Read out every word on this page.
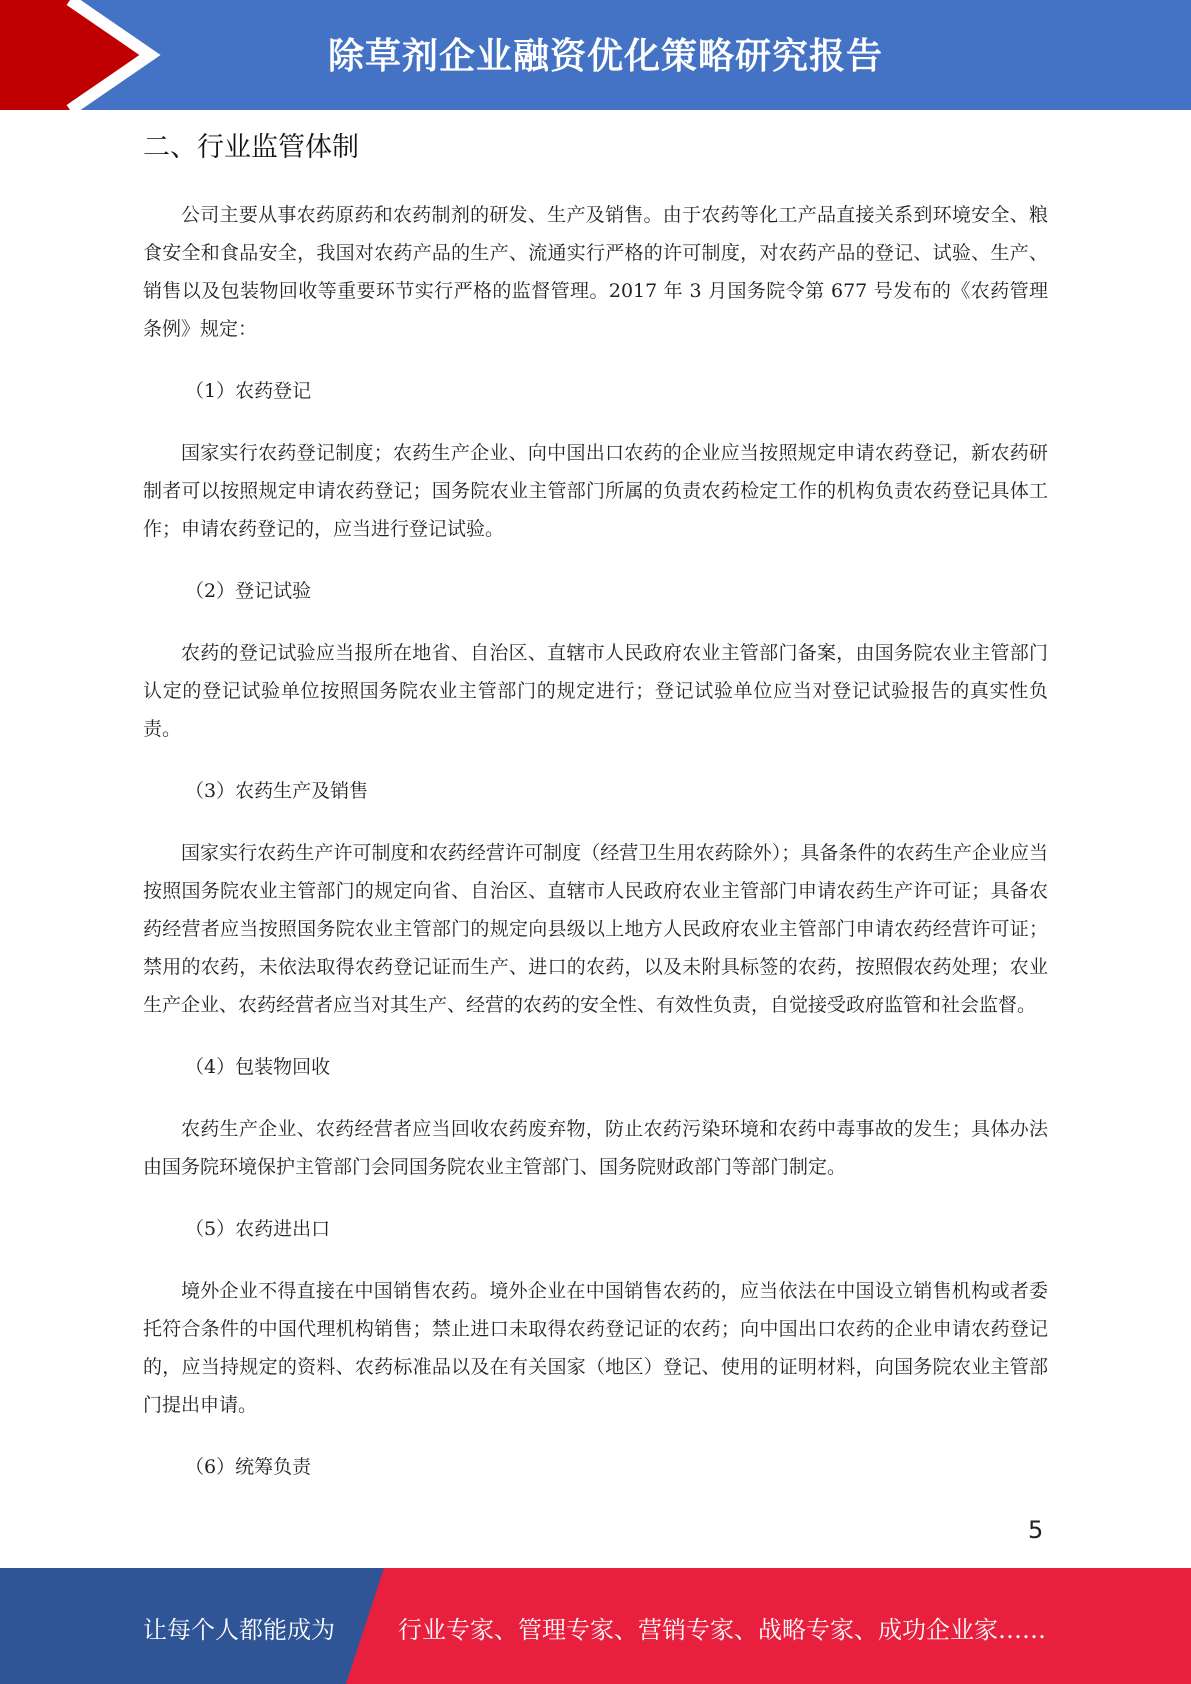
除草剂企业融资优化策略研究报告
二、行业监管体制

公司主要从事农药原药和农药制剂的研发、生产及销售。由于农药等化工产品直接关系到环境安全、粮食安全和食品安全，我国对农药产品的生产、流通实行严格的许可制度，对农药产品的登记、试验、生产、销售以及包装物回收等重要环节实行严格的监督管理。2017 年 3 月国务院令第 677 号发布的《农药管理条例》规定：

（1）农药登记

国家实行农药登记制度；农药生产企业、向中国出口农药的企业应当按照规定申请农药登记，新农药研制者可以按照规定申请农药登记；国务院农业主管部门所属的负责农药检定工作的机构负责农药登记具体工作；申请农药登记的，应当进行登记试验。

（2）登记试验

农药的登记试验应当报所在地省、自治区、直辖市人民政府农业主管部门备案，由国务院农业主管部门认定的登记试验单位按照国务院农业主管部门的规定进行；登记试验单位应当对登记试验报告的真实性负责。

（3）农药生产及销售

国家实行农药生产许可制度和农药经营许可制度（经营卫生用农药除外）；具备条件的农药生产企业应当按照国务院农业主管部门的规定向省、自治区、直辖市人民政府农业主管部门申请农药生产许可证；具备农药经营者应当按照国务院农业主管部门的规定向县级以上地方人民政府农业主管部门申请农药经营许可证；禁用的农药，未依法取得农药登记证而生产、进口的农药，以及未附具标签的农药，按照假农药处理；农业生产企业、农药经营者应当对其生产、经营的农药的安全性、有效性负责，自觉接受政府监管和社会监督。

（4）包装物回收

农药生产企业、农药经营者应当回收农药废弃物，防止农药污染环境和农药中毒事故的发生；具体办法由国务院环境保护主管部门会同国务院农业主管部门、国务院财政部门等部门制定。

（5）农药进出口

境外企业不得直接在中国销售农药。境外企业在中国销售农药的，应当依法在中国设立销售机构或者委托符合条件的中国代理机构销售；禁止进口未取得农药登记证的农药；向中国出口农药的企业申请农药登记的，应当持规定的资料、农药标准品以及在有关国家（地区）登记、使用的证明材料，向国务院农业主管部门提出申请。

（6）统筹负责

5
让每个人都能成为	行业专家、管理专家、营销专家、战略专家、成功企业家……
